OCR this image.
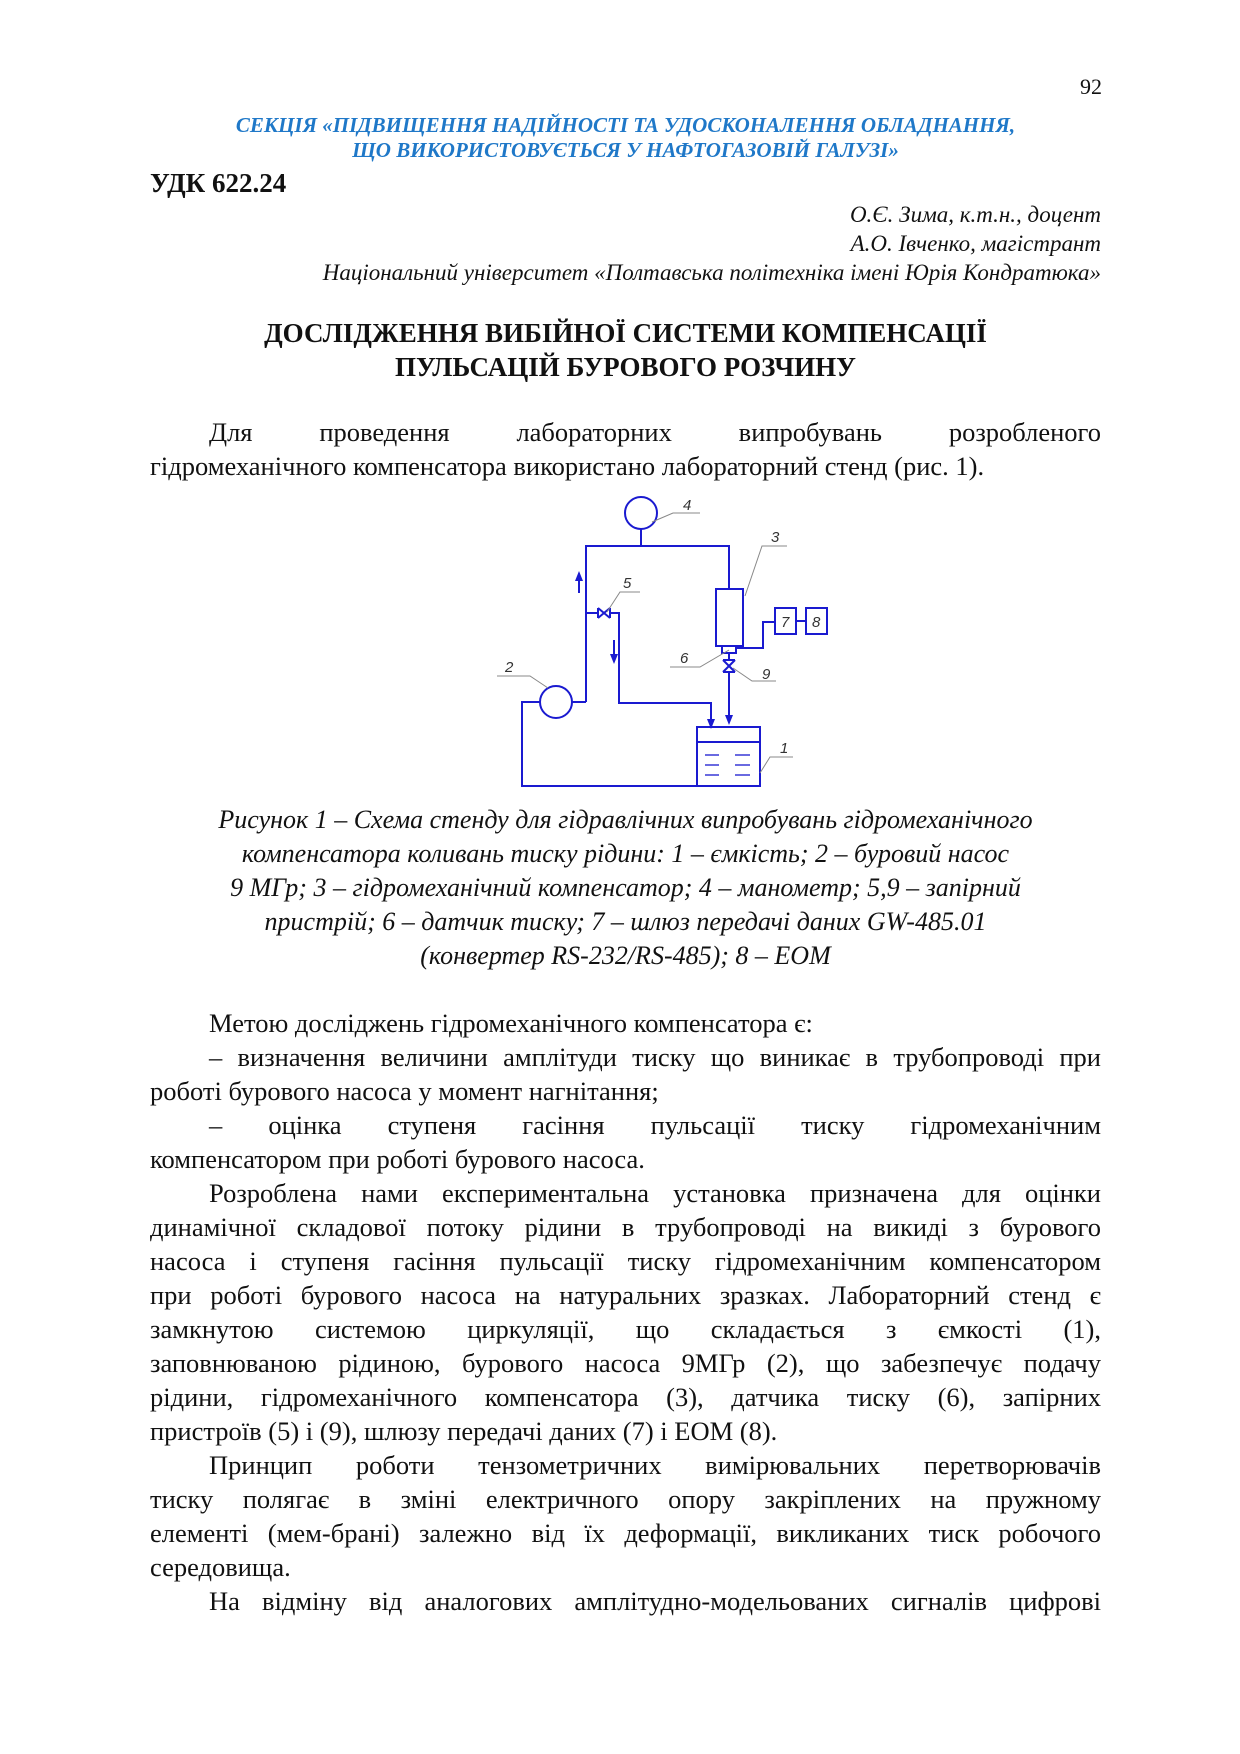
92
СЕКЦІЯ «ПІДВИЩЕННЯ НАДІЙНОСТІ ТА УДОСКОНАЛЕННЯ ОБЛАДНАННЯ,
ЩО ВИКОРИСТОВУЄТЬСЯ У НАФТОГАЗОВІЙ ГАЛУЗІ»
УДК 622.24
О.Є. Зима, к.т.н., доцент
А.О. Івченко, магістрант
Національний університет «Полтавська політехніка імені Юрія Кондратюка»
ДОСЛІДЖЕННЯ ВИБІЙНОЇ СИСТЕМИ КОМПЕНСАЦІЇ
ПУЛЬСАЦІЙ БУРОВОГО РОЗЧИНУ
Для проведення лабораторних випробувань розробленого
гідромеханічного компенсатора використано лабораторний стенд (рис. 1).
4
3
5
2
6
9
1
7 8
Рисунок 1 – Схема стенду для гідравлічних випробувань гідромеханічного
компенсатора коливань тиску рідини: 1 – ємкість; 2 – буровий насос
9 МГр; 3 – гідромеханічний компенсатор; 4 – манометр; 5,9 – запірний
пристрій; 6 – датчик тиску; 7 – шлюз передачі даних GW-485.01
(конвертер RS-232/RS-485); 8 – ЕОМ
Метою досліджень гідромеханічного компенсатора є:
– визначення величини амплітуди тиску що виникає в трубопроводі при
роботі бурового насоса у момент нагнітання;
– оцінка ступеня гасіння пульсації тиску гідромеханічним
компенсатором при роботі бурового насоса.
Розроблена нами експериментальна установка призначена для оцінки
динамічної складової потоку рідини в трубопроводі на викиді з бурового
насоса і ступеня гасіння пульсації тиску гідромеханічним компенсатором
при роботі бурового насоса на натуральних зразках. Лабораторний стенд є
замкнутою системою циркуляції, що складається з ємкості (1),
заповнюваною рідиною, бурового насоса 9МГр (2), що забезпечує подачу
рідини, гідромеханічного компенсатора (3), датчика тиску (6), запірних
пристроїв (5) і (9), шлюзу передачі даних (7) і ЕОМ (8).
Принцип роботи тензометричних вимірювальних перетворювачів
тиску полягає в зміні електричного опору закріплених на пружному
елементі (мем-брані) залежно від їх деформації, викликаних тиск робочого
середовища.
На відміну від аналогових амплітудно-модельованих сигналів цифрові
